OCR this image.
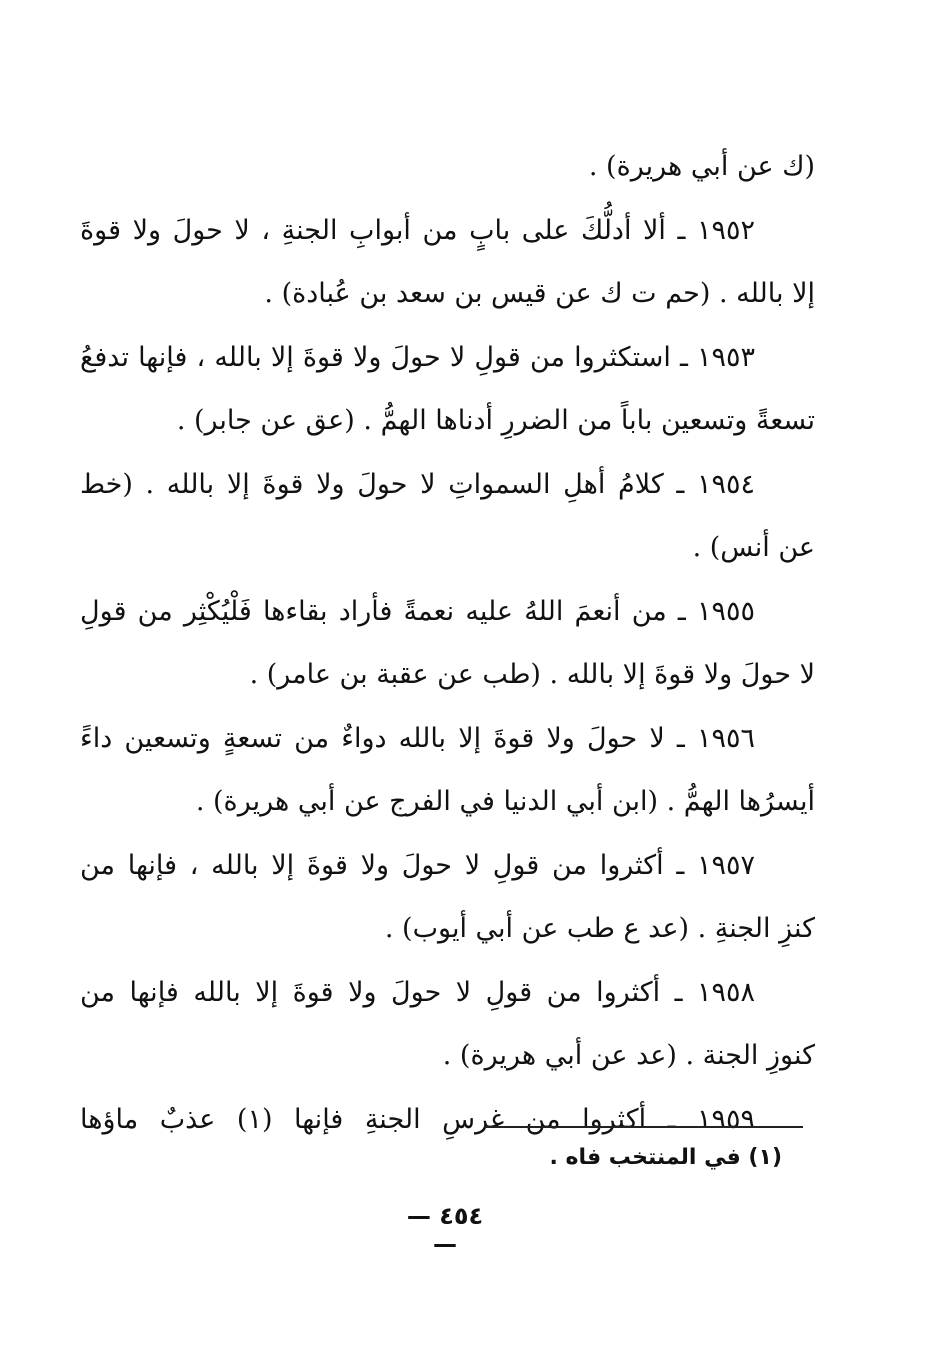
(ك عن أبي هريرة) .
١٩٥٢ ـ ألا أدلُّكَ على بابٍ من أبوابِ الجنةِ ، لا حولَ ولا قوةَ
إلا بالله . (حم ت ك عن قيس بن سعد بن عُبادة) .
١٩٥٣ ـ استكثروا من قولِ لا حولَ ولا قوةَ إلا بالله ، فإنها تدفعُ
تسعةً وتسعين باباً من الضررِ أدناها الهمُّ . (عق عن جابر) .
١٩٥٤ ـ كلامُ أهلِ السمواتِ لا حولَ ولا قوةَ إلا بالله . (خط
عن أنس) .
١٩٥٥ ـ من أنعمَ اللهُ عليه نعمةً فأراد بقاءها فَلْيُكْثِر من قولِ
لا حولَ ولا قوةَ إلا بالله . (طب عن عقبة بن عامر) .
١٩٥٦ ـ لا حولَ ولا قوةَ إلا بالله دواءٌ من تسعةٍ وتسعين داءً
أيسرُها الهمُّ . (ابن أبي الدنيا في الفرج عن أبي هريرة) .
١٩٥٧ ـ أكثروا من قولِ لا حولَ ولا قوةَ إلا بالله ، فإنها من
كنزِ الجنةِ . (عد ع طب عن أبي أيوب) .
١٩٥٨ ـ أكثروا من قولِ لا حولَ ولا قوةَ إلا بالله فإنها من
كنوزِ الجنة . (عد عن أبي هريرة) .
١٩٥٩ ـ أكثروا من غرسِ الجنةِ فإنها (١) عذبٌ ماؤها
(١) في المنتخب فاه .
— ٤٥٤ —
